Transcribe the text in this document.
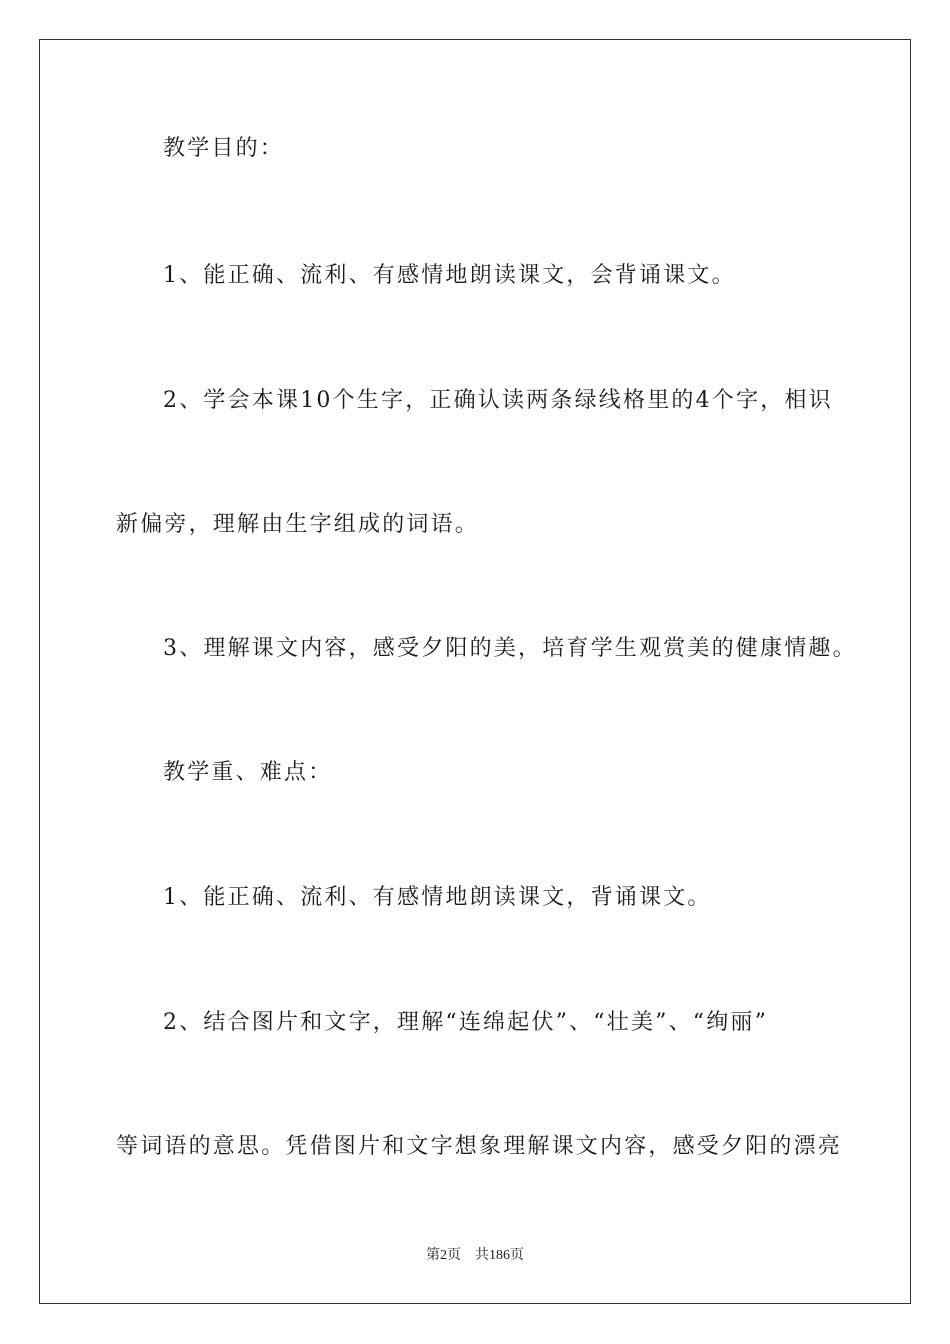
教学目的：
1、能正确、流利、有感情地朗读课文，会背诵课文。
2、学会本课10个生字，正确认读两条绿线格里的4个字，相识
新偏旁，理解由生字组成的词语。
3、理解课文内容，感受夕阳的美，培育学生观赏美的健康情趣。
教学重、难点：
1、能正确、流利、有感情地朗读课文，背诵课文。
2、结合图片和文字，理解“连绵起伏”、“壮美”、“绚丽”
等词语的意思。凭借图片和文字想象理解课文内容，感受夕阳的漂亮
第2页 共186页
